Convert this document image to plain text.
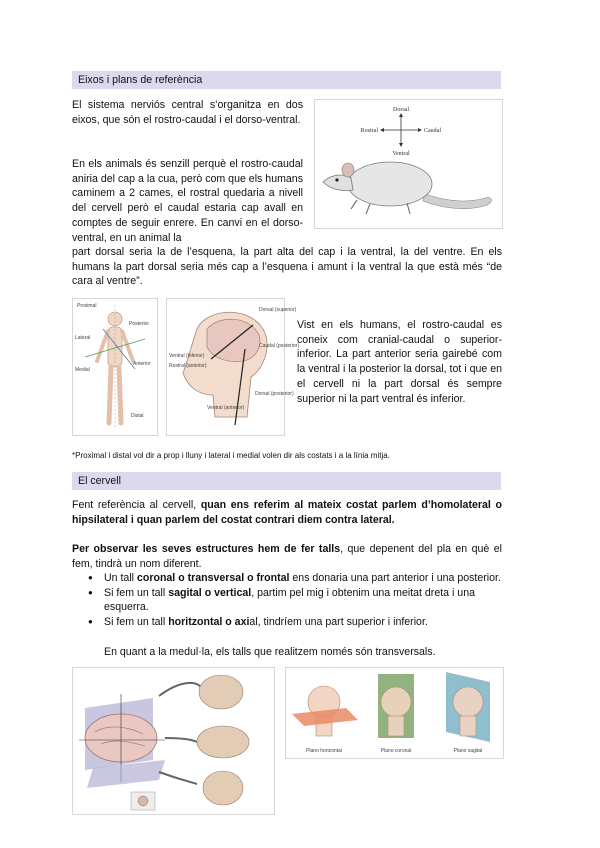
Eixos i plans de referència

El sistema nerviós central s’organitza en dos eixos, que són el rostro-caudal i el dorso-ventral.

En els animals és senzill perquè el rostro-caudal aniria del cap a la cua, però com que els humans caminem a 2 cames, el rostral quedaria a nivell del cervell però el caudal estaria cap avall en comptes de seguir enrere. En canvi en el dorso-ventral, en un animal la

part dorsal seria la de l’esquena, la part alta del cap i la ventral, la del ventre. En els humans la part dorsal seria més cap a l’esquena i amunt i la ventral la que està més “de cara al ventre”.

Dorsal
Ventral
Rostral	Caudal
Proximal
Lateral
Medial
Distal
Posterior
Anterior
Dorsal (superior)
Ventral (inferior)
Rostral (anterior)
Caudal (posterior)
Dorsal (posterior)
Ventral (anterior)

Vist en els humans, el rostro-caudal es coneix com cranial-caudal o superior-inferior. La part anterior seria gairebé com la ventral i la posterior la dorsal, tot i que en el cervell ni la part dorsal és sempre superior ni la part ventral és inferior.

*Proximal i distal vol dir a prop i lluny i lateral i medial volen dir als costats i a la línia mitja.

El cervell

Fent referència al cervell, quan ens referim al mateix costat parlem d’homolateral o hipsilateral i quan parlem del costat contrari diem contra lateral.

Per observar les seves estructures hem de fer talls, que depenent del pla en què el fem, tindrà un nom diferent.

● Un tall coronal o transversal o frontal ens donaria una part anterior i una posterior.
● Si fem un tall sagital o vertical, partim pel mig i obtenim una meitat dreta i una esquerra.
● Si fem un tall horitzontal o axial, tindríem una part superior i inferior.

En quant a la medul·la, els talls que realitzem només són transversals.

Plano horizontal	Plano coronal	Plano sagital
